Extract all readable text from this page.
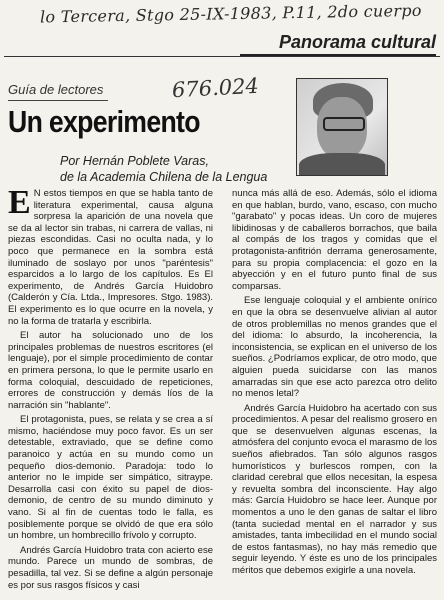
lo Tercera, Stgo 25-IX-1983, P.11, 2do cuerpo
Panorama cultural
Guía de lectores	676.024
Un experimento
Por Hernán Poblete Varas,
de la Academia Chilena de la Lengua

E N estos tiempos en que se habla tanto de literatura experimental, causa alguna sorpresa la aparición de una novela que se da al lector sin trabas, ni carrera de vallas, ni piezas escondidas. Casi no oculta nada, y lo poco que permanece en la sombra está iluminado de soslayo por unos "paréntesis" esparcidos a lo largo de los capítulos. Es El experimento, de Andrés García Huidobro (Calderón y Cía. Ltda., Impresores. Stgo. 1983). El experimento es lo que ocurre en la novela, y no la forma de tratarla y escribirla.

El autor ha solucionado uno de los principales problemas de nuestros escritores (el lenguaje), por el simple procedimiento de contar en primera persona, lo que le permite usarlo en forma coloquial, descuidado de repeticiones, errores de construcción y demás líos de la narración sin "hablante".

El protagonista, pues, se relata y se crea a sí mismo, haciéndose muy poco favor. Es un ser detestable, extraviado, que se define como paranoico y actúa en su mundo como un pequeño dios-demonio. Paradoja: todo lo anterior no le impide ser simpático, sitraype. Desarrolla casi con éxito su papel de dios-demonio, de centro de su mundo diminuto y vano. Si al fin de cuentas todo le falla, es posiblemente porque se olvidó de que era sólo un hombre, un hombrecillo frívolo y corrupto.

Andrés García Huidobro trata con acierto ese mundo. Parece un mundo de sombras, de pesadilla, tal vez. Si se define a algún personaje es por sus rasgos físicos y casi

nunca más allá de eso. Además, sólo el idioma en que hablan, burdo, vano, escaso, con mucho "garabato" y pocas ideas. Un coro de mujeres libidinosas y de caballeros borrachos, que baila al compás de los tragos y comidas que el protagonista-anfitrión derrama generosamente, para su propia complacencia: el gozo en la abyección y en el futuro punto final de sus comparsas.

Ese lenguaje coloquial y el ambiente onírico en que la obra se desenvuelve alivian al autor de otros problemillas no menos grandes que el del idioma: lo absurdo, la incoherencia, la inconsistencia, se explican en el universo de los sueños. ¿Podríamos explicar, de otro modo, que alguien pueda suicidarse con las manos amarradas sin que ese acto parezca otro delito no menos letal?

Andrés García Huidobro ha acertado con sus procedimientos. A pesar del realismo grosero en que se desenvuelven algunas escenas, la atmósfera del conjunto evoca el marasmo de los sueños afiebrados. Tan sólo algunos rasgos humorísticos y burlescos rompen, con la claridad cerebral que ellos necesitan, la espesa y revuelta sombra del inconsciente. Hay algo más: García Huidobro se hace leer. Aunque por momentos a uno le den ganas de saltar el libro (tanta suciedad mental en el narrador y sus amistades, tanta imbecilidad en el mundo social de estos fantasmas), no hay más remedio que seguir leyendo. Y éste es uno de los principales méritos que debemos exigirle a una novela.
